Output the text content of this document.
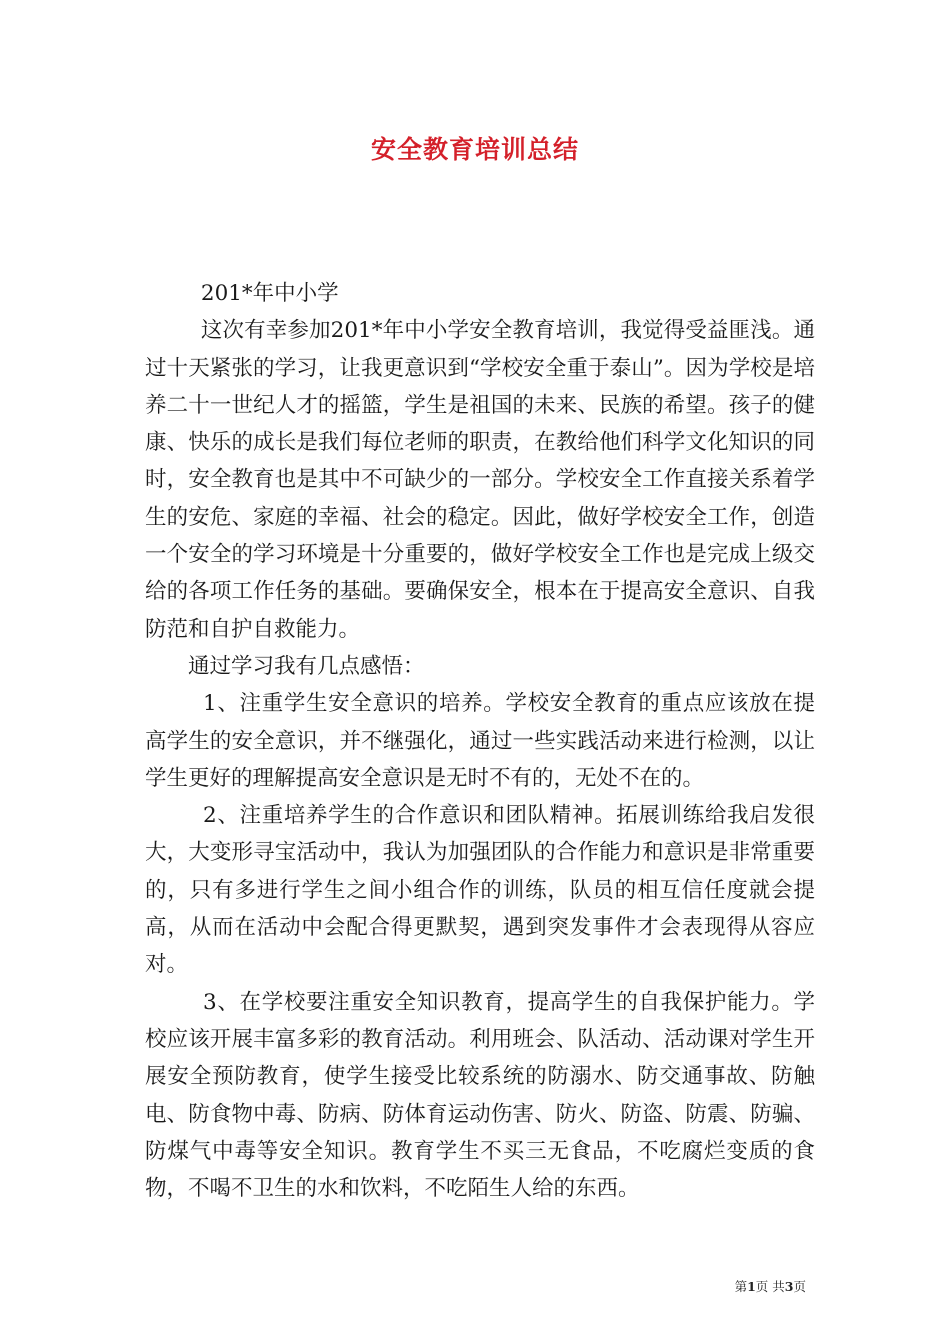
安全教育培训总结

201*年中小学

这次有幸参加201*年中小学安全教育培训，我觉得受益匪浅。通过十天紧张的学习，让我更意识到“学校安全重于泰山”。因为学校是培养二十一世纪人才的摇篮，学生是祖国的未来、民族的希望。孩子的健康、快乐的成长是我们每位老师的职责，在教给他们科学文化知识的同时，安全教育也是其中不可缺少的一部分。学校安全工作直接关系着学生的安危、家庭的幸福、社会的稳定。因此，做好学校安全工作，创造一个安全的学习环境是十分重要的，做好学校安全工作也是完成上级交给的各项工作任务的基础。要确保安全，根本在于提高安全意识、自我防范和自护自救能力。

通过学习我有几点感悟：

1、注重学生安全意识的培养。学校安全教育的重点应该放在提高学生的安全意识，并不继强化，通过一些实践活动来进行检测，以让学生更好的理解提高安全意识是无时不有的，无处不在的。

2、注重培养学生的合作意识和团队精神。拓展训练给我启发很大，大变形寻宝活动中，我认为加强团队的合作能力和意识是非常重要的，只有多进行学生之间小组合作的训练，队员的相互信任度就会提高，从而在活动中会配合得更默契，遇到突发事件才会表现得从容应对。

3、在学校要注重安全知识教育，提高学生的自我保护能力。学校应该开展丰富多彩的教育活动。利用班会、队活动、活动课对学生开展安全预防教育，使学生接受比较系统的防溺水、防交通事故、防触电、防食物中毒、防病、防体育运动伤害、防火、防盗、防震、防骗、防煤气中毒等安全知识。教育学生不买三无食品，不吃腐烂变质的食物，不喝不卫生的水和饮料，不吃陌生人给的东西。

第1页 共3页
